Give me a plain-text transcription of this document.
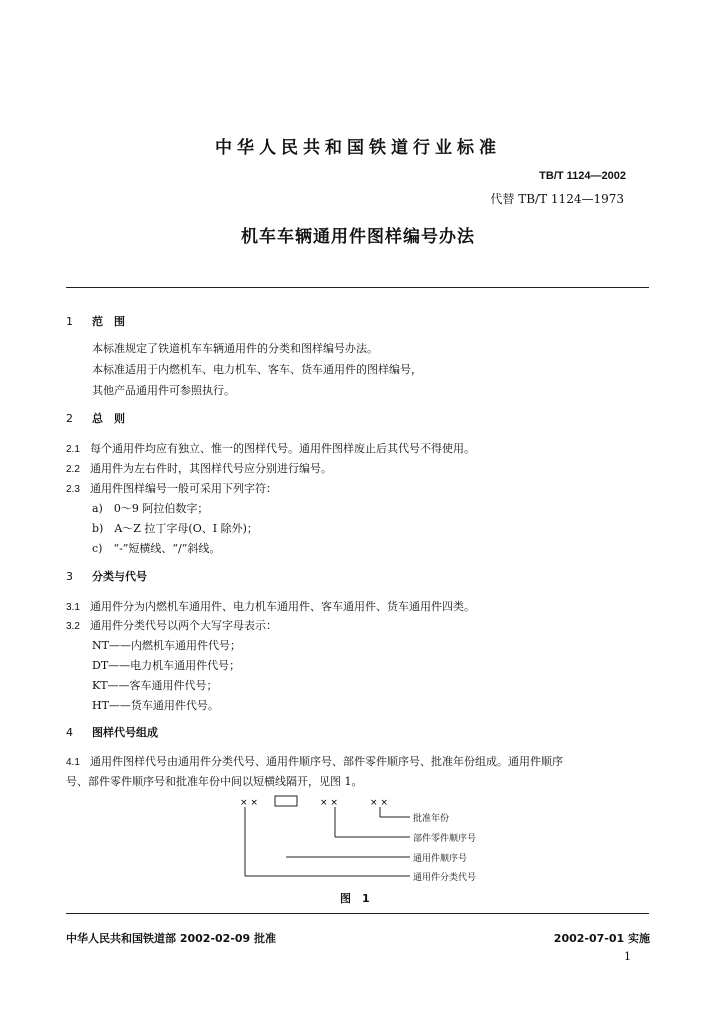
中华人民共和国铁道行业标准
TB/T 1124—2002
代替 TB/T 1124—1973
机车车辆通用件图样编号办法
1 范　围
本标准规定了铁道机车车辆通用件的分类和图样编号办法。
本标准适用于内燃机车、电力机车、客车、货车通用件的图样编号，
其他产品通用件可参照执行。
2 总　则
2.1 每个通用件均应有独立、惟一的图样代号。通用件图样废止后其代号不得使用。
2.2 通用件为左右件时，其图样代号应分别进行编号。
2.3 通用件图样编号一般可采用下列字符：
a)　0～9 阿拉伯数字；
b)　A～Z 拉丁字母(O、I 除外)；
c)　“-”短横线、“/”斜线。
3 分类与代号
3.1 通用件分为内燃机车通用件、电力机车通用件、客车通用件、货车通用件四类。
3.2 通用件分类代号以两个大写字母表示：
NT——内燃机车通用件代号；
DT——电力机车通用件代号；
KT——客车通用件代号；
HT——货车通用件代号。
4 图样代号组成
4.1 通用件图样代号由通用件分类代号、通用件顺序号、部件零件顺序号、批准年份组成。通用件顺序
号、部件零件顺序号和批准年份中间以短横线隔开，见图 1。
× ×	× ×	× ×
批准年份
部件零件顺序号
通用件顺序号
通用件分类代号
图　1
中华人民共和国铁道部 2002-02-09 批准	2002-07-01 实施
1
